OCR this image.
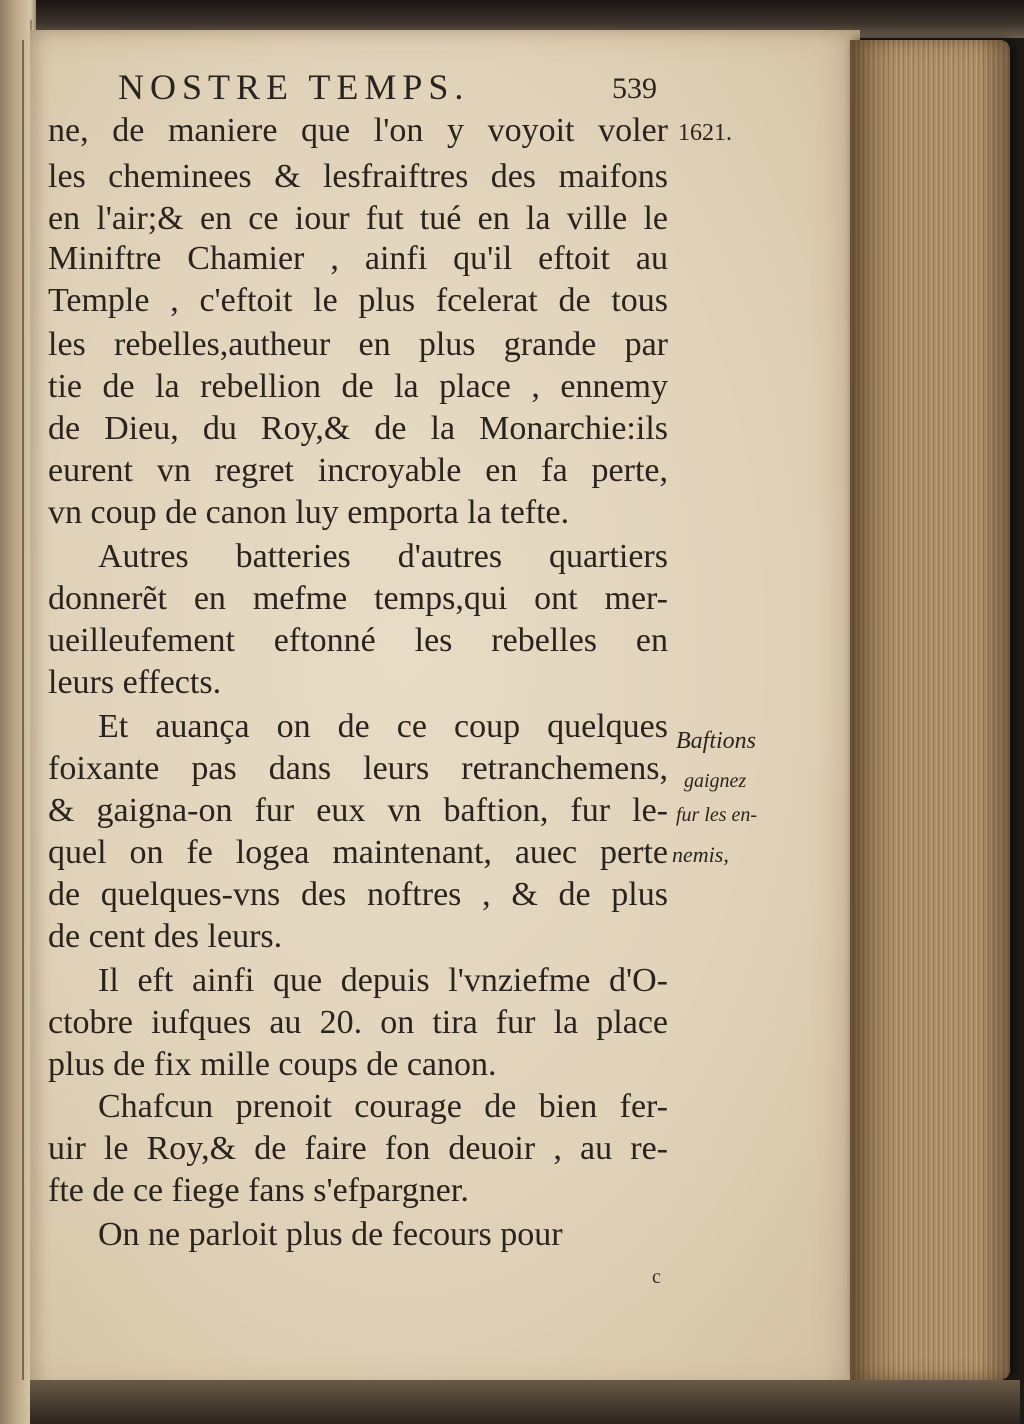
NOSTRE TEMPS.	539
ne, de maniere que l'on y voyoit voler
les cheminees & lesfraiftres des maifons
en l'air;& en ce iour fut tué en la ville le
Miniftre Chamier , ainfi qu'il eftoit au
Temple , c'eftoit le plus fcelerat de tous
les rebelles,autheur en plus grande par
tie de la rebellion de la place , ennemy
de Dieu, du Roy,& de la Monarchie:ils
eurent vn regret incroyable en fa perte,
vn coup de canon luy emporta la tefte.
Autres batteries d'autres quartiers
donnerẽt en mefme temps,qui ont mer-
ueilleufement eftonné les rebelles en
leurs effects.
Et auança on de ce coup quelques
foixante pas dans leurs retranchemens,
& gaigna-on fur eux vn baftion, fur le-
quel on fe logea maintenant, auec perte
de quelques-vns des noftres , & de plus
de cent des leurs.
Il eft ainfi que depuis l'vnziefme d'O-
ctobre iufques au 20. on tira fur la place
plus de fix mille coups de canon.
Chafcun prenoit courage de bien fer-
uir le Roy,& de faire fon deuoir , au re-
fte de ce fiege fans s'efpargner.
On ne parloit plus de fecours pour
1621.
Baftions
gaignez
fur les en-
nemis,
c
